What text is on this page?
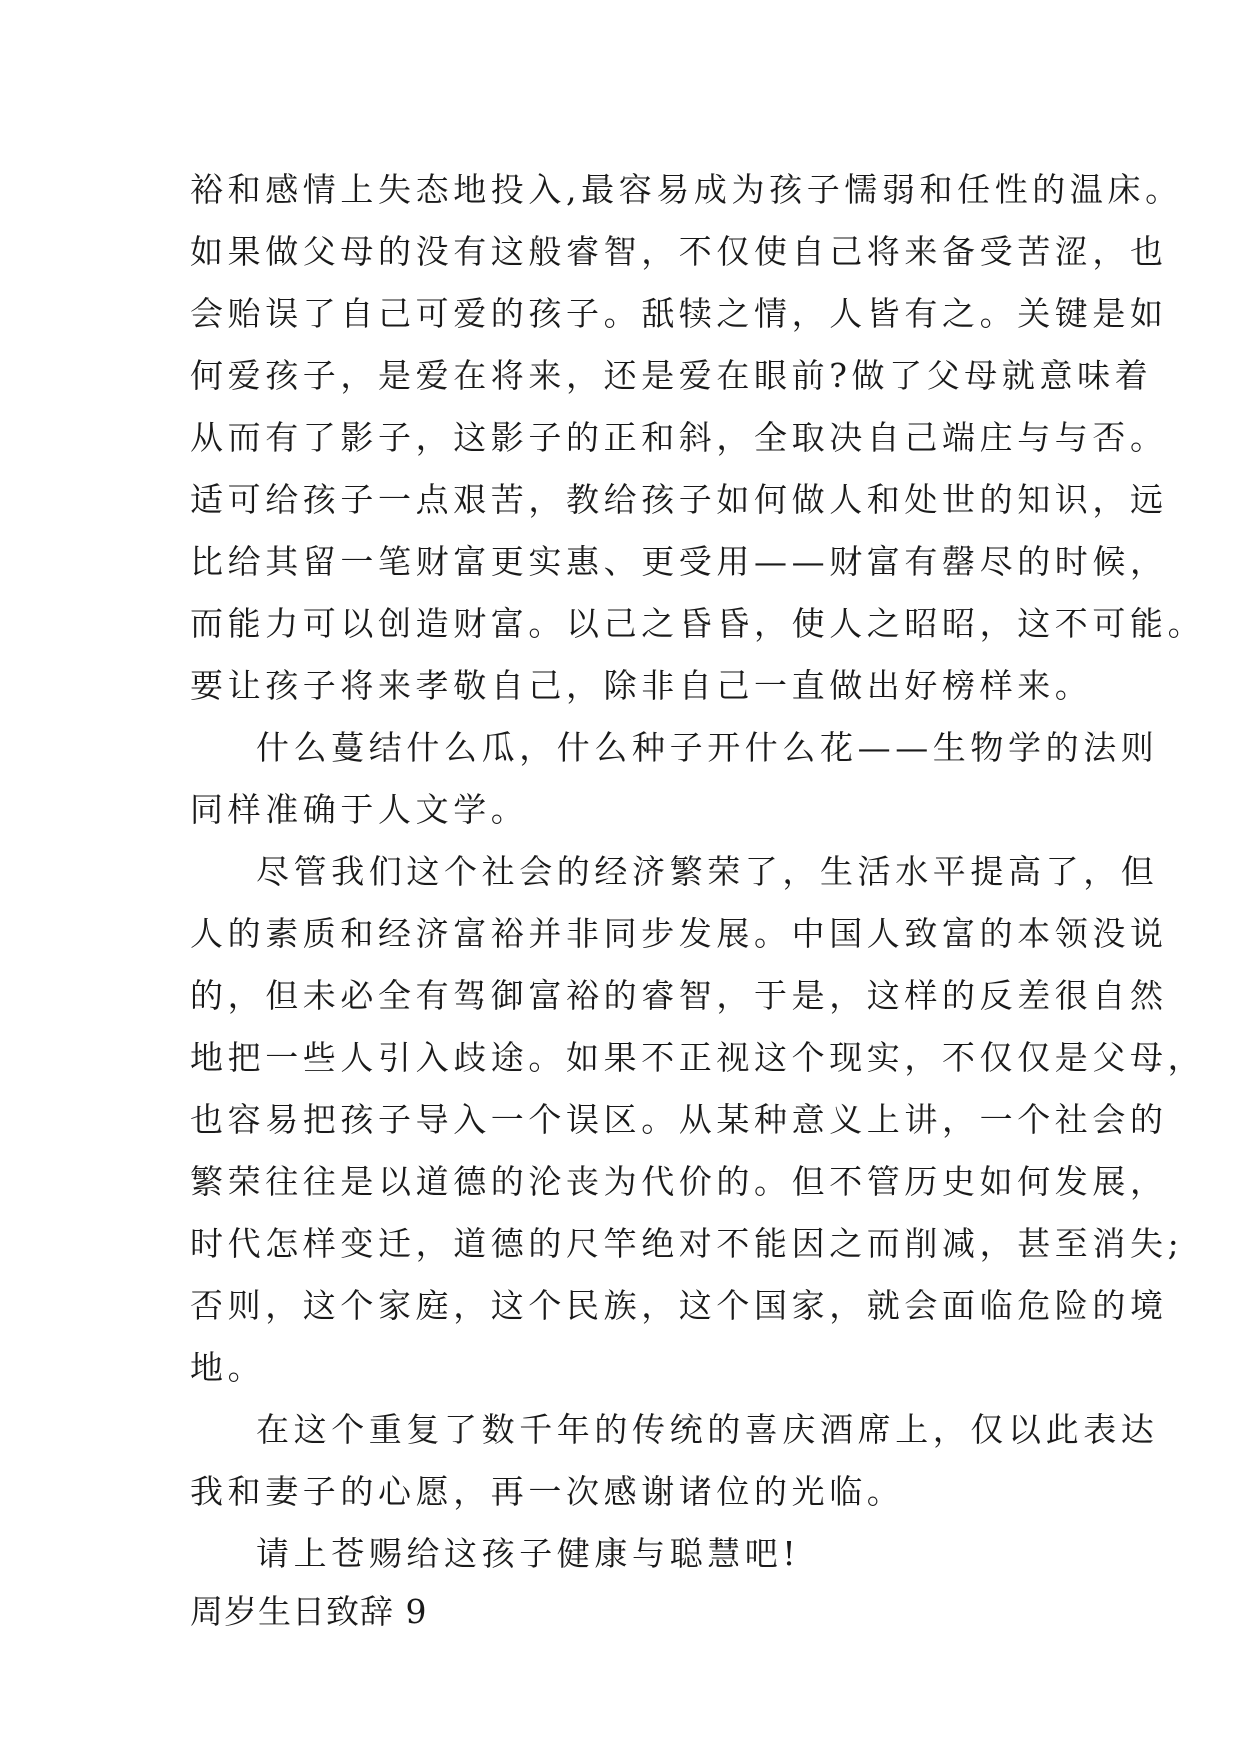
裕和感情上失态地投入,最容易成为孩子懦弱和任性的温床。
如果做父母的没有这般睿智，不仅使自己将来备受苦涩，也
会贻误了自己可爱的孩子。舐犊之情，人皆有之。关键是如
何爱孩子，是爱在将来，还是爱在眼前?做了父母就意味着
从而有了影子，这影子的正和斜，全取决自己端庄与与否。
适可给孩子一点艰苦，教给孩子如何做人和处世的知识，远
比给其留一笔财富更实惠、更受用——财富有罄尽的时候，
而能力可以创造财富。以己之昏昏，使人之昭昭，这不可能。
要让孩子将来孝敬自己，除非自己一直做出好榜样来。
什么蔓结什么瓜，什么种子开什么花——生物学的法则
同样准确于人文学。
尽管我们这个社会的经济繁荣了，生活水平提高了，但
人的素质和经济富裕并非同步发展。中国人致富的本领没说
的，但未必全有驾御富裕的睿智，于是，这样的反差很自然
地把一些人引入歧途。如果不正视这个现实，不仅仅是父母，
也容易把孩子导入一个误区。从某种意义上讲，一个社会的
繁荣往往是以道德的沦丧为代价的。但不管历史如何发展，
时代怎样变迁，道德的尺竿绝对不能因之而削减，甚至消失;
否则，这个家庭，这个民族，这个国家，就会面临危险的境
地。
在这个重复了数千年的传统的喜庆酒席上，仅以此表达
我和妻子的心愿，再一次感谢诸位的光临。
请上苍赐给这孩子健康与聪慧吧!
周岁生日致辞 9
